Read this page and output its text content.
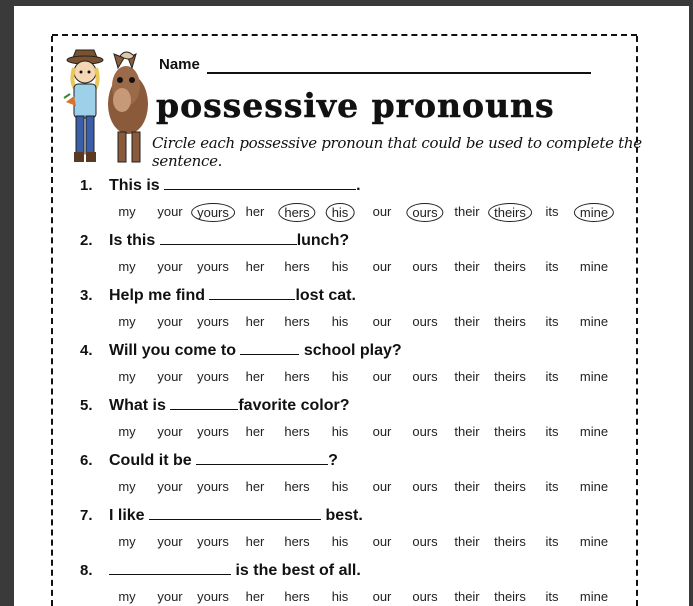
Name
possessive pronouns
Circle each possessive pronoun that could be used to complete the sentence.
1. This is	.
my	your	yours	her	hers	his	our	ours	their	theirs	its	mine
2. Is this	lunch?
my	your	yours	her	hers	his	our	ours	their	theirs	its	mine
3. Help me find	lost cat.
my	your	yours	her	hers	his	our	ours	their	theirs	its	mine
4. Will you come to	school play?
my	your	yours	her	hers	his	our	ours	their	theirs	its	mine
5. What is	favorite color?
my	your	yours	her	hers	his	our	ours	their	theirs	its	mine
6. Could it be	?
my	your	yours	her	hers	his	our	ours	their	theirs	its	mine
7. I like	best.
my	your	yours	her	hers	his	our	ours	their	theirs	its	mine
8.	is the best of all.
my	your	yours	her	hers	his	our	ours	their	theirs	its	mine
